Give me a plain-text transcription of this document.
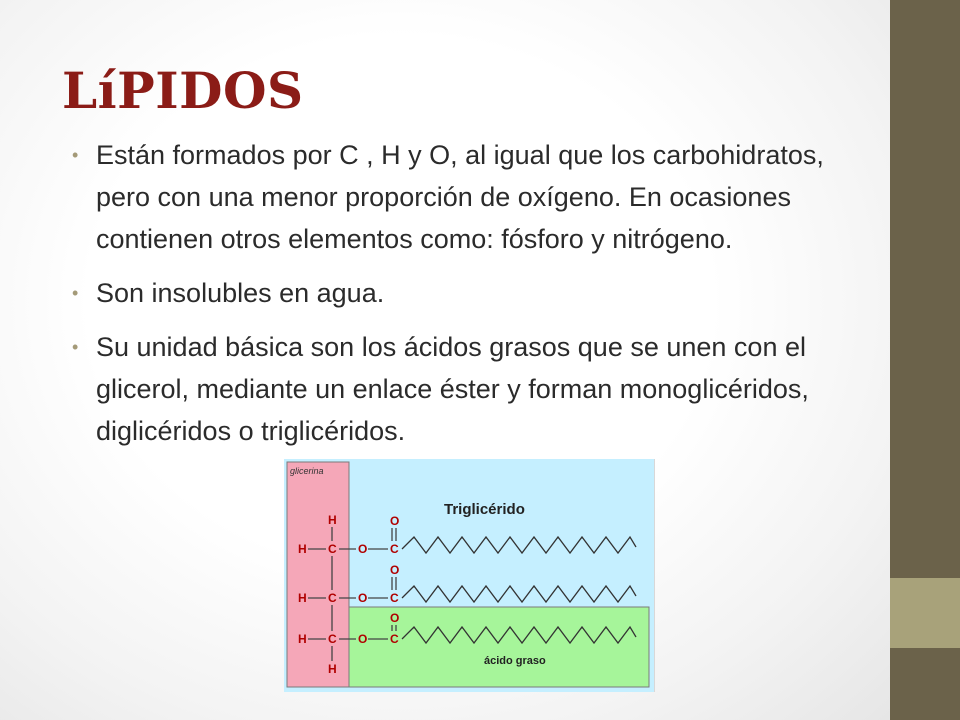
LíPIDOS
• Están formados por C , H y O, al igual que los carbohidratos, pero con una menor proporción de oxígeno. En ocasiones contienen otros elementos como: fósforo y nitrógeno.
• Son insolubles en agua.
• Su unidad básica son los ácidos grasos que se unen con el glicerol, mediante un enlace éster y forman monoglicéridos, diglicéridos o triglicéridos.
glicerina
Triglicérido
ácido graso
H
H C O
H C O
H C O
H
O
C
O
C
O
C
